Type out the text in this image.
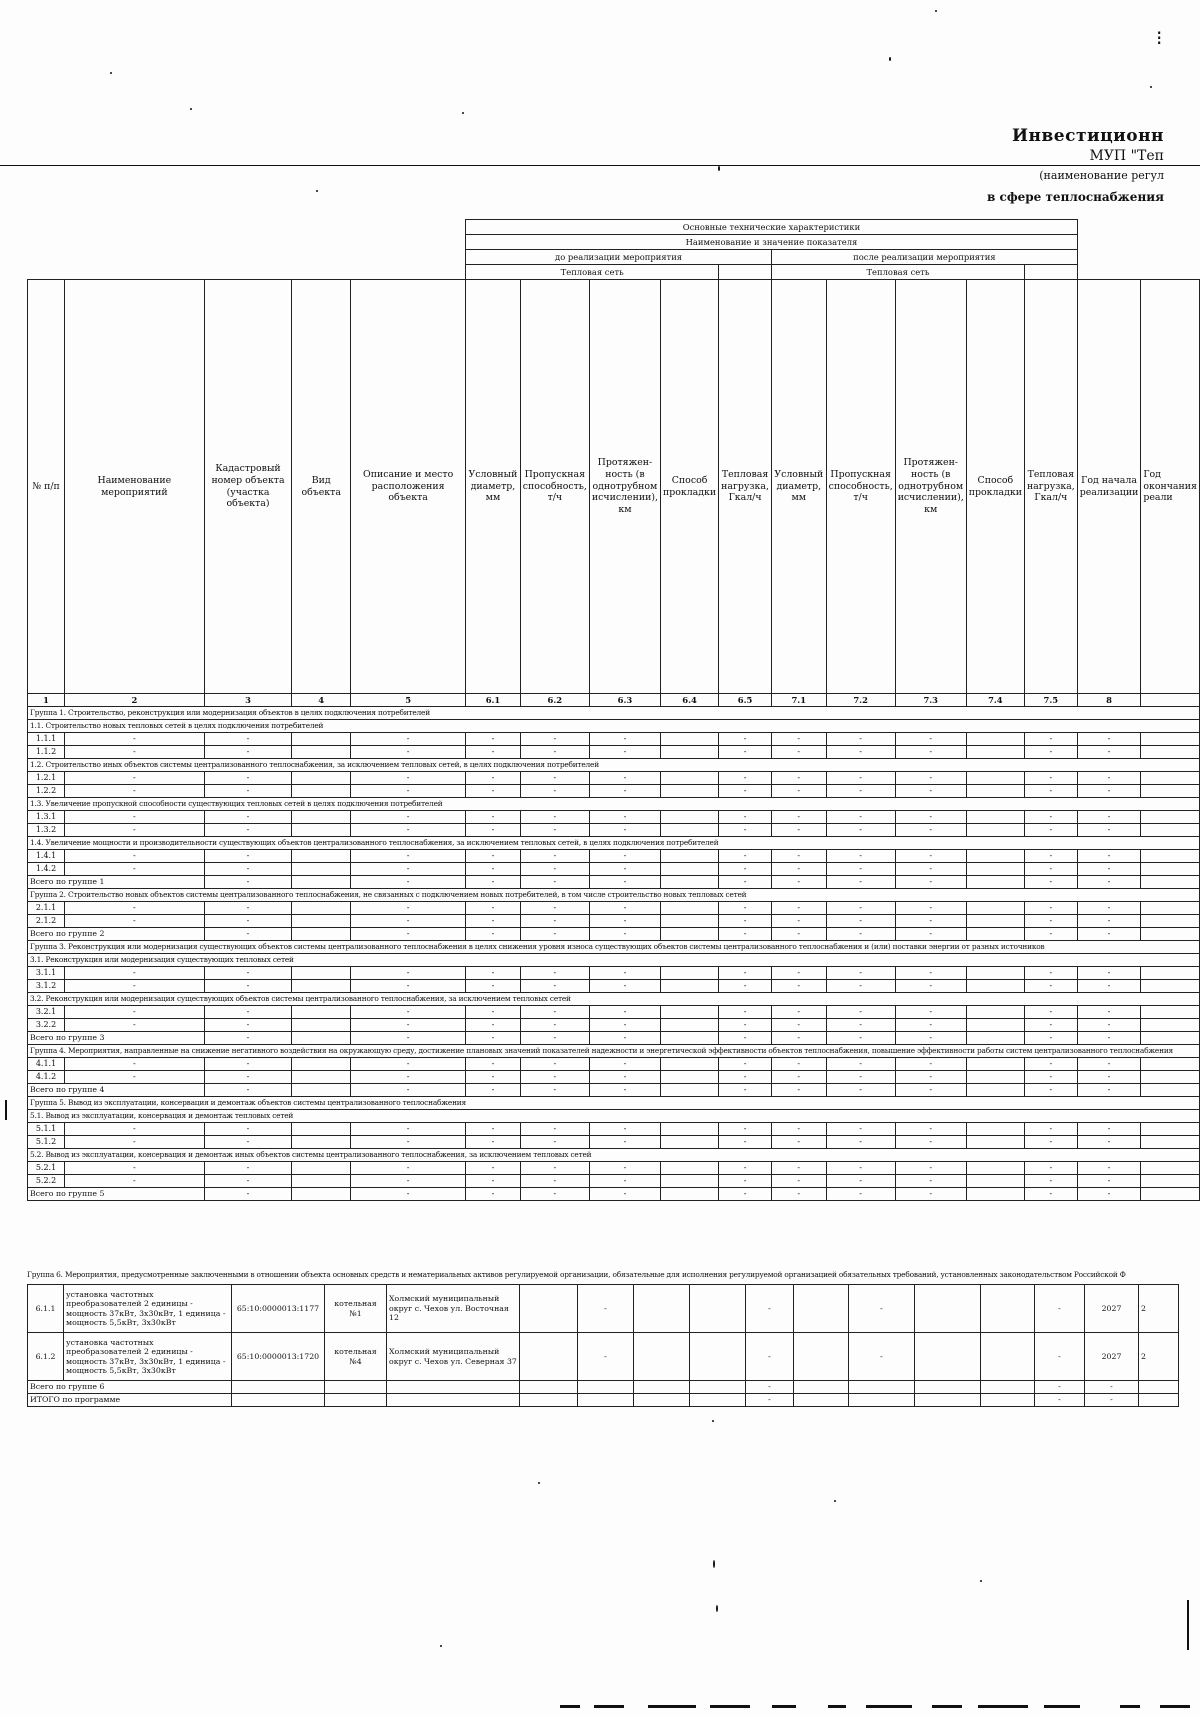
Инвестиционн
МУП "Теп
(наименование регул
в сфере теплоснабжения
⁝
					Основные технические характеристики											
					Наименование и значение показателя											
					до реализации мероприятия					после реализации мероприятия						
					Тепловая сеть					Тепловая сеть						
№ п/п	Наименование мероприятий	Кадастровый номер объекта (участка объекта)	Вид объекта	Описание и место расположения объекта	Условный диаметр, мм	Пропускная способность, т/ч	Протяжен-ность (в однотрубном исчислении), км	Способ прокладки	Тепловая нагрузка, Гкал/ч	Условный диаметр, мм	Пропускная способность, т/ч	Протяжен-ность (в однотрубном исчислении), км	Способ прокладки	Тепловая нагрузка, Гкал/ч	Год начала реализации	Год окончания реали
1	2	3	4	5	6.1	6.2	6.3	6.4	6.5	7.1	7.2	7.3	7.4	7.5	8	
Группа 1. Строительство, реконструкция или модернизация объектов в целях подключения потребителей																
1.1. Строительство новых тепловых сетей в целях подключения потребителей																
1.1.1	-	-		-	-	-	-		-	-	-	-		-	-	
1.1.2	-	-		-	-	-	-		-	-	-	-		-	-	
1.2. Строительство иных объектов системы централизованного теплоснабжения, за исключением тепловых сетей, в целях подключения потребителей																
1.2.1	-	-		-	-	-	-		-	-	-	-		-	-	
1.2.2	-	-		-	-	-	-		-	-	-	-		-	-	
1.3. Увеличение пропускной способности существующих тепловых сетей в целях подключения потребителей																
1.3.1	-	-		-	-	-	-		-	-	-	-		-	-	
1.3.2	-	-		-	-	-	-		-	-	-	-		-	-	
1.4. Увеличение мощности и производительности существующих объектов централизованного теплоснабжения, за исключением тепловых сетей, в целях подключения потребителей																
1.4.1	-	-		-	-	-	-		-	-	-	-		-	-	
1.4.2	-	-		-	-	-	-		-	-	-	-		-	-	
Всего по группе 1		-		-	-	-	-		-	-	-	-		-	-	
Группа 2. Строительство новых объектов системы централизованного теплоснабжения, не связанных с подключением новых потребителей, в том числе строительство новых тепловых сетей																
2.1.1	-	-		-	-	-	-		-	-	-	-		-	-	
2.1.2	-	-		-	-	-	-		-	-	-	-		-	-	
Всего по группе 2		-		-	-	-	-		-	-	-	-		-	-	
Группа 3. Реконструкция или модернизация существующих объектов системы централизованного теплоснабжения в целях снижения уровня износа существующих объектов системы централизованного теплоснабжения и (или) поставки энергии от разных источников																
3.1. Реконструкция или модернизация существующих тепловых сетей																
3.1.1	-	-		-	-	-	-		-	-	-	-		-	-	
3.1.2	-	-		-	-	-	-		-	-	-	-		-	-	
3.2. Реконструкция или модернизация существующих объектов системы централизованного теплоснабжения, за исключением тепловых сетей																
3.2.1	-	-		-	-	-	-		-	-	-	-		-	-	
3.2.2	-	-		-	-	-	-		-	-	-	-		-	-	
Всего по группе 3		-		-	-	-	-		-	-	-	-		-	-	
Группа 4. Мероприятия, направленные на снижение негативного воздействия на окружающую среду, достижение плановых значений показателей надежности и энергетической эффективности объектов теплоснабжения, повышение эффективности работы систем централизованного теплоснабжения																
4.1.1	-	-		-	-	-	-		-	-	-	-		-	-	
4.1.2	-	-		-	-	-	-		-	-	-	-		-	-	
Всего по группе 4		-		-	-	-	-		-	-	-	-		-	-	
Группа 5. Вывод из эксплуатации, консервация и демонтаж объектов системы централизованного теплоснабжения																
5.1. Вывод из эксплуатации, консервация и демонтаж тепловых сетей																
5.1.1	-	-		-	-	-	-		-	-	-	-		-	-	
5.1.2	-	-		-	-	-	-		-	-	-	-		-	-	
5.2. Вывод из эксплуатации, консервация и демонтаж иных объектов системы централизованного теплоснабжения, за исключением тепловых сетей																
5.2.1	-	-		-	-	-	-		-	-	-	-		-	-	
5.2.2	-	-		-	-	-	-		-	-	-	-		-	-	
Всего по группе 5		-		-	-	-	-		-	-	-	-		-	-	
Группа 6. Мероприятия, предусмотренные заключенными в отношении объекта основных средств и нематериальных активов регулируемой организации, обязательные для исполнения регулируемой организацией обязательных требований, установленных законодательством Российской Ф
6.1.1	установка частотных преобразователей 2 единицы - мощность 37кВт, 3х30кВт, 1 единица - мощность 5,5кВт, 3х30кВт	65:10:0000013:1177	котельная №1	Холмский муниципальный округ с. Чехов ул. Восточная 12		-			-		-			-	2027	2
6.1.2	установка частотных преобразователей 2 единицы - мощность 37кВт, 3х30кВт, 1 единица - мощность 5,5кВт, 3х30кВт	65:10:0000013:1720	котельная №4	Холмский муниципальный округ с. Чехов ул. Северная 37		-			-		-			-	2027	2
Всего по группе 6									-					-	-	
ИТОГО по программе									-					-	-	
